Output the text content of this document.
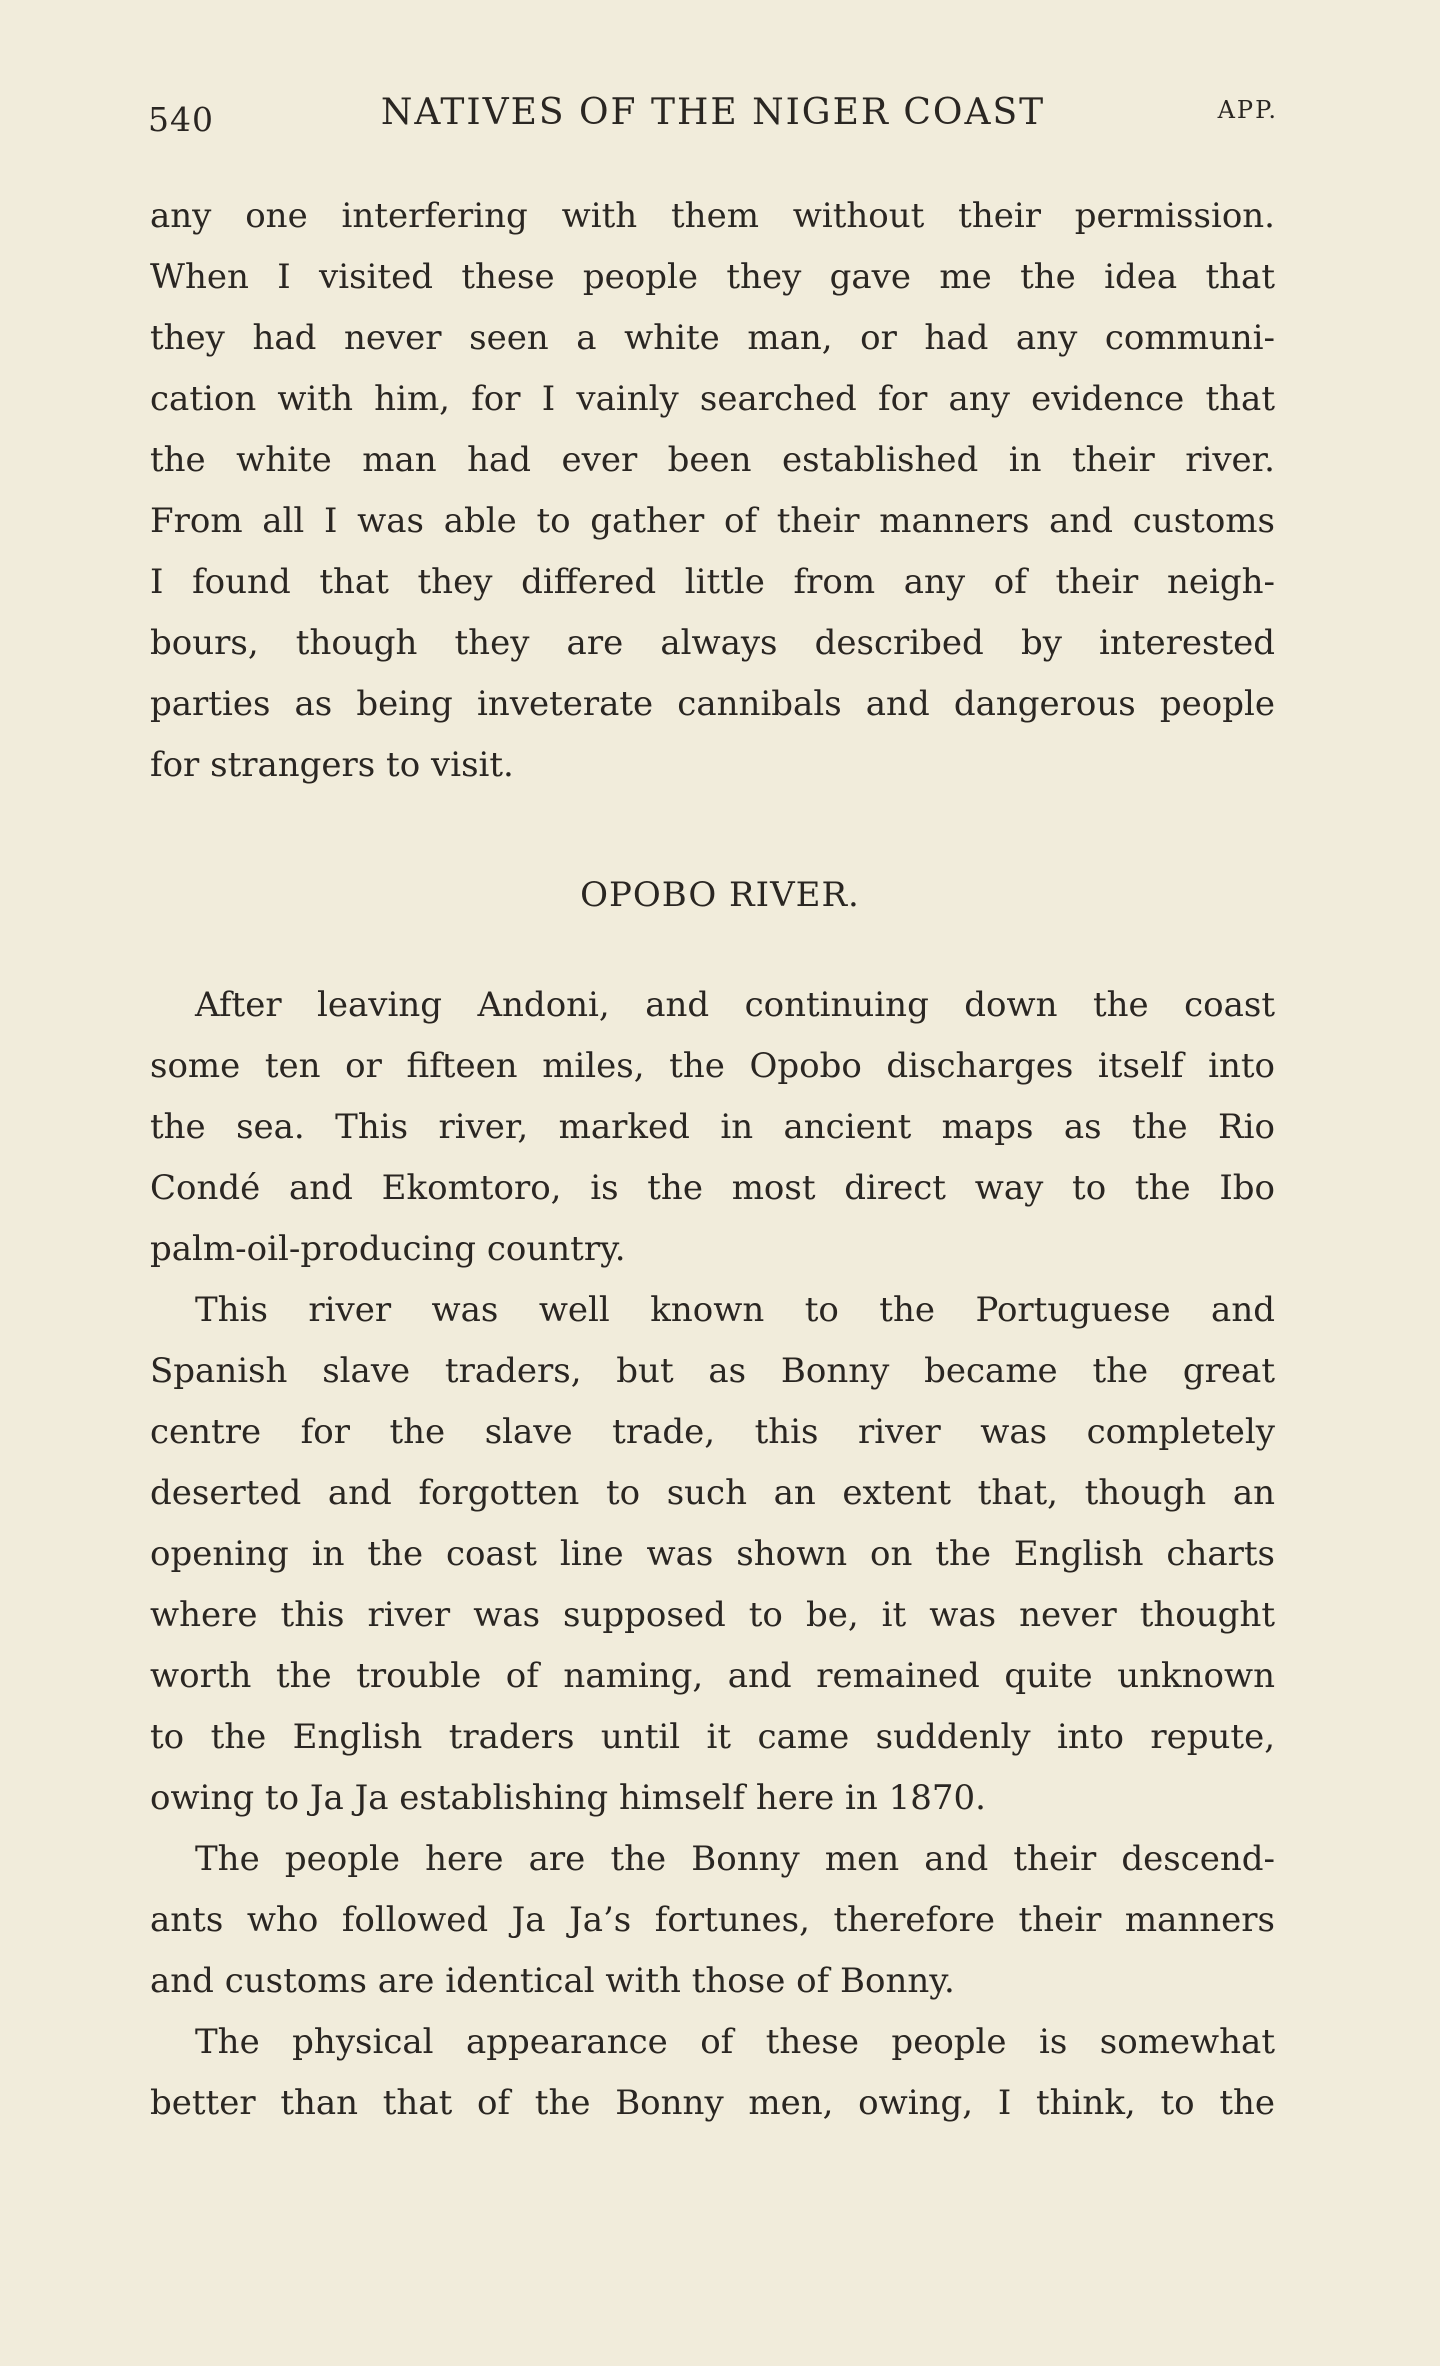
540	NATIVES OF THE NIGER COAST	APP.
any one interfering with them without their permission.
When I visited these people they gave me the idea that
they had never seen a white man, or had any communi-
cation with him, for I vainly searched for any evidence that
the white man had ever been established in their river.
From all I was able to gather of their manners and customs
I found that they differed little from any of their neigh-
bours, though they are always described by interested
parties as being inveterate cannibals and dangerous people
for strangers to visit.
OPOBO RIVER.
After leaving Andoni, and continuing down the coast
some ten or fifteen miles, the Opobo discharges itself into
the sea. This river, marked in ancient maps as the Rio
Condé and Ekomtoro, is the most direct way to the Ibo
palm-oil-producing country.
This river was well known to the Portuguese and
Spanish slave traders, but as Bonny became the great
centre for the slave trade, this river was completely
deserted and forgotten to such an extent that, though an
opening in the coast line was shown on the English charts
where this river was supposed to be, it was never thought
worth the trouble of naming, and remained quite unknown
to the English traders until it came suddenly into repute,
owing to Ja Ja establishing himself here in 1870.
The people here are the Bonny men and their descend-
ants who followed Ja Ja’s fortunes, therefore their manners
and customs are identical with those of Bonny.
The physical appearance of these people is somewhat
better than that of the Bonny men, owing, I think, to the
